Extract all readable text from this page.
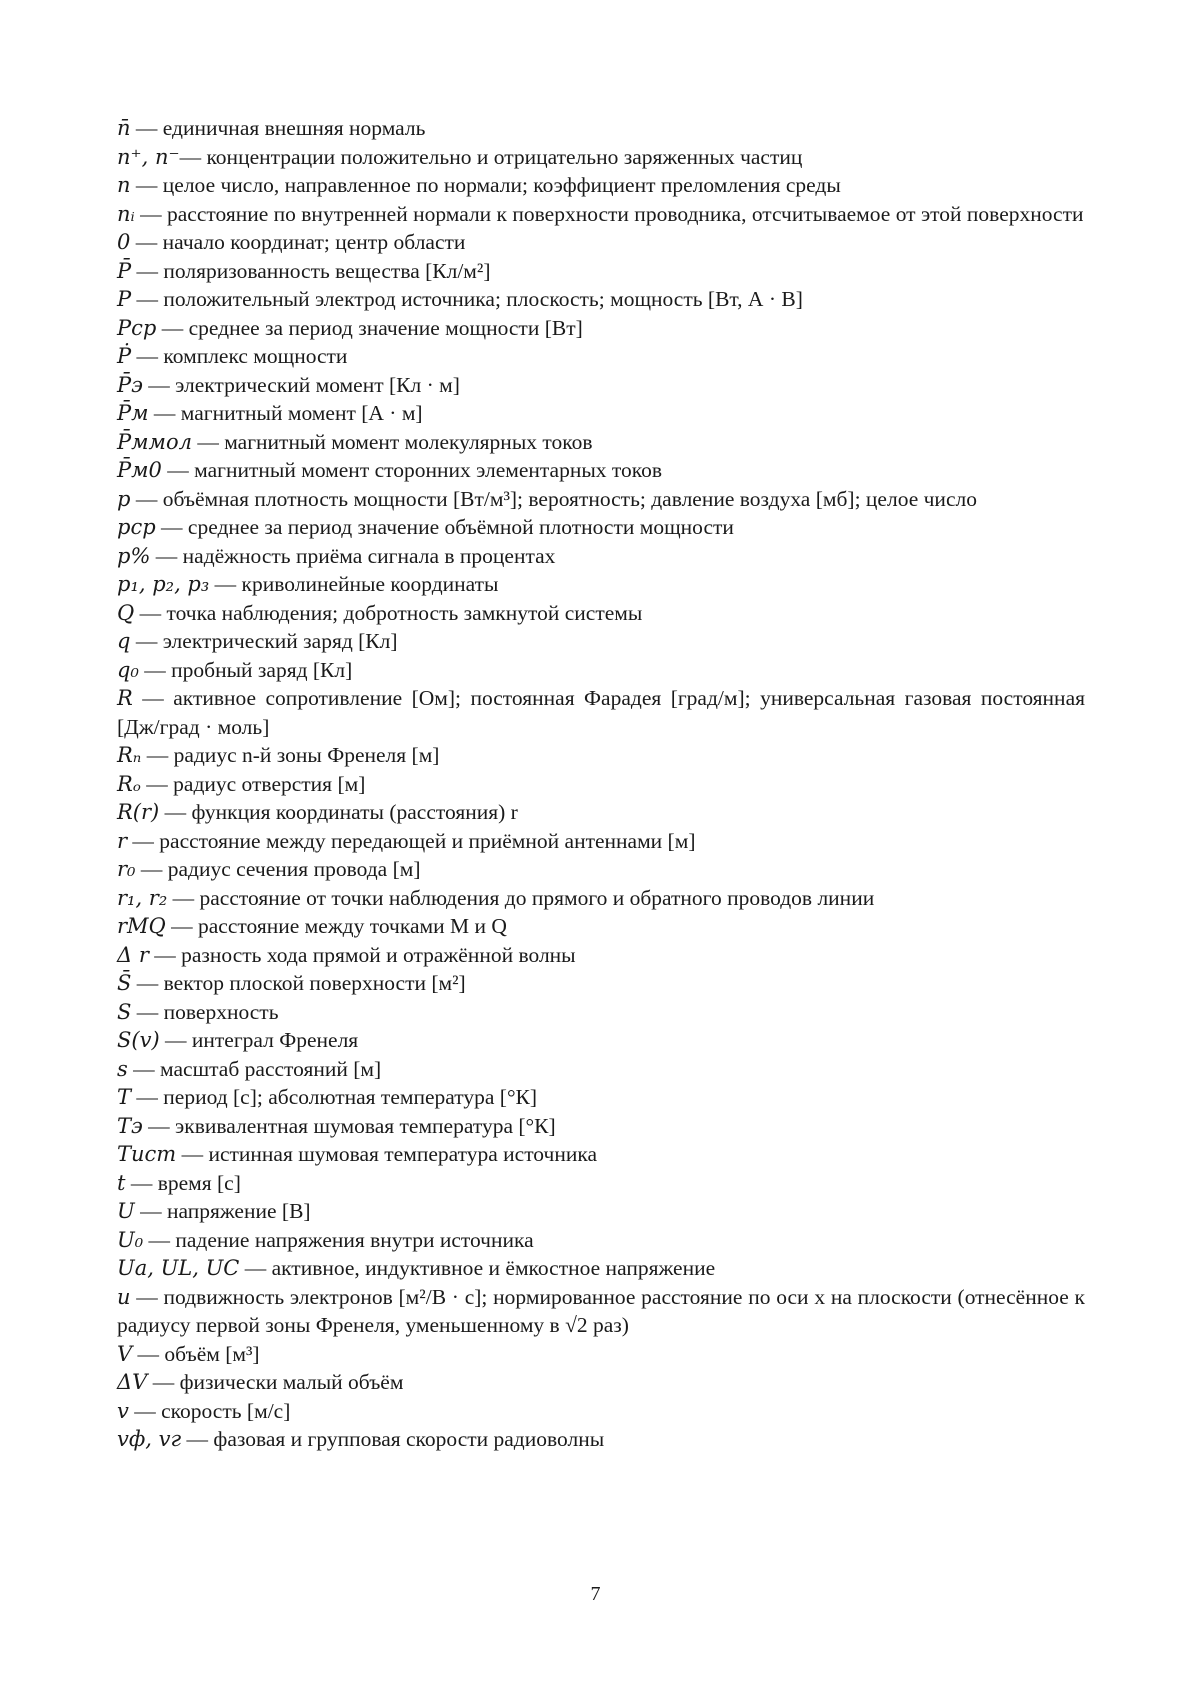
n̄ — единичная внешняя нормаль
n⁺, n⁻— концентрации положительно и отрицательно заряженных частиц
n — целое число, направленное по нормали; коэффициент преломления среды
nᵢ — расстояние по внутренней нормали к поверхности проводника, отсчитываемое от этой поверхности
0 — начало координат; центр области
P̄ — поляризованность вещества [Кл/м²]
P — положительный электрод источника; плоскость; мощность [Вт, А · В]
Pср — среднее за период значение мощности [Вт]
Ṗ — комплекс мощности
P̄э — электрический момент [Кл · м]
P̄м — магнитный момент [А · м]
P̄ммол — магнитный момент молекулярных токов
P̄м0 — магнитный момент сторонних элементарных токов
p — объёмная плотность мощности [Вт/м³]; вероятность; давление воздуха [мб]; целое число
pср — среднее за период значение объёмной плотности мощности
p% — надёжность приёма сигнала в процентах
p₁, p₂, p₃ — криволинейные координаты
Q — точка наблюдения; добротность замкнутой системы
q — электрический заряд [Кл]
q₀ — пробный заряд [Кл]
R — активное сопротивление [Ом]; постоянная Фарадея [град/м]; универсальная газовая постоянная [Дж/град · моль]
Rₙ — радиус n-й зоны Френеля [м]
Rₒ — радиус отверстия [м]
R(r) — функция координаты (расстояния) r
r — расстояние между передающей и приёмной антеннами [м]
r₀ — радиус сечения провода [м]
r₁, r₂ — расстояние от точки наблюдения до прямого и обратного проводов линии
rMQ — расстояние между точками M и Q
Δ r — разность хода прямой и отражённой волны
S̄ — вектор плоской поверхности [м²]
S — поверхность
S(v) — интеграл Френеля
s — масштаб расстояний [м]
T — период [с]; абсолютная температура [°К]
Tэ — эквивалентная шумовая температура [°К]
Tист — истинная шумовая температура источника
t — время [с]
U — напряжение [В]
U₀ — падение напряжения внутри источника
Ua, UL, UC — активное, индуктивное и ёмкостное напряжение
u — подвижность электронов [м²/В · с]; нормированное расстояние по оси x на плоскости (отнесённое к радиусу первой зоны Френеля, уменьшенному в √2 раз)
V — объём [м³]
ΔV — физически малый объём
v — скорость [м/с]
vф, vг — фазовая и групповая скорости радиоволны
7
